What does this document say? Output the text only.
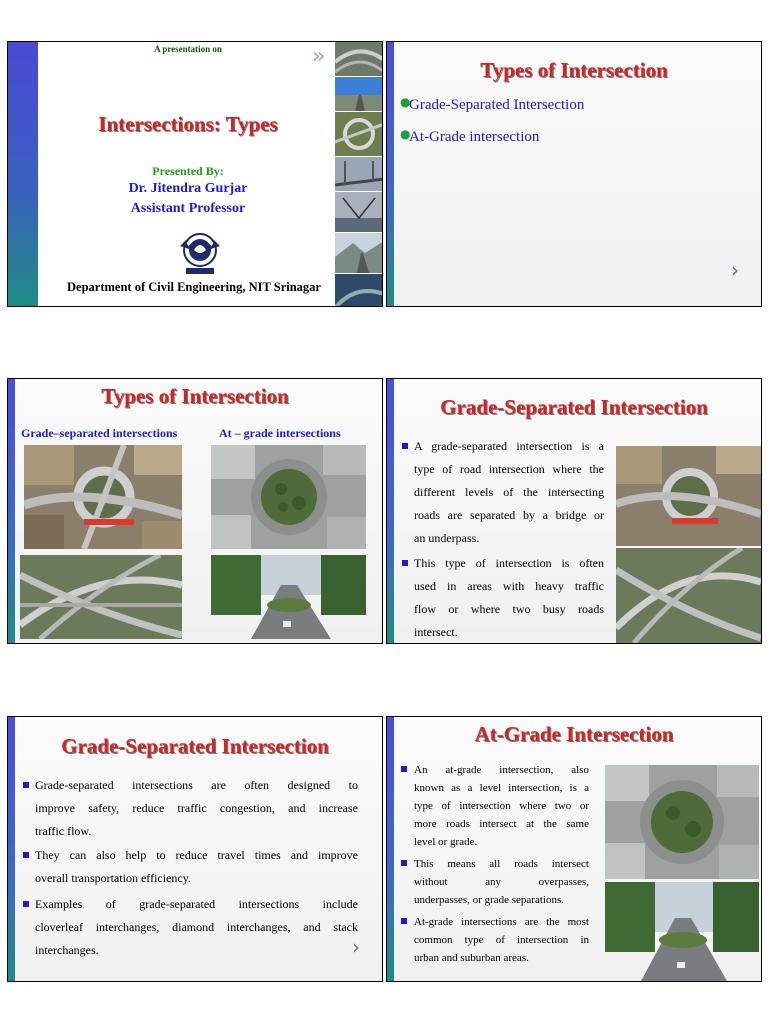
A presentation on
Intersections: Types
Presented By:
Dr. Jitendra Gurjar
Assistant Professor
Department of Civil Engineering, NIT Srinagar
»
Types of Intersection
●
Grade-Separated Intersection
●
At-Grade intersection
›
Types of Intersection
Grade–separated intersections	At – grade intersections
Grade-Separated Intersection
A grade-separated intersection is a
type of road intersection where the
different levels of the intersecting
roads are separated by a bridge or
an underpass.
This type of intersection is often
used in areas with heavy traffic
flow or where two busy roads
intersect.
Grade-Separated Intersection
Grade-separated intersections are often designed to
improve safety, reduce traffic congestion, and increase
traffic flow.
They can also help to reduce travel times and improve
overall transportation efficiency.
Examples of grade-separated intersections include
cloverleaf interchanges, diamond interchanges, and stack
interchanges.	›
At-Grade Intersection
An at-grade intersection, also
known as a level intersection, is a
type of intersection where two or
more roads intersect at the same
level or grade.
This means all roads intersect
without any overpasses,
underpasses, or grade separations.
At-grade intersections are the most
common type of intersection in
urban and suburban areas.
